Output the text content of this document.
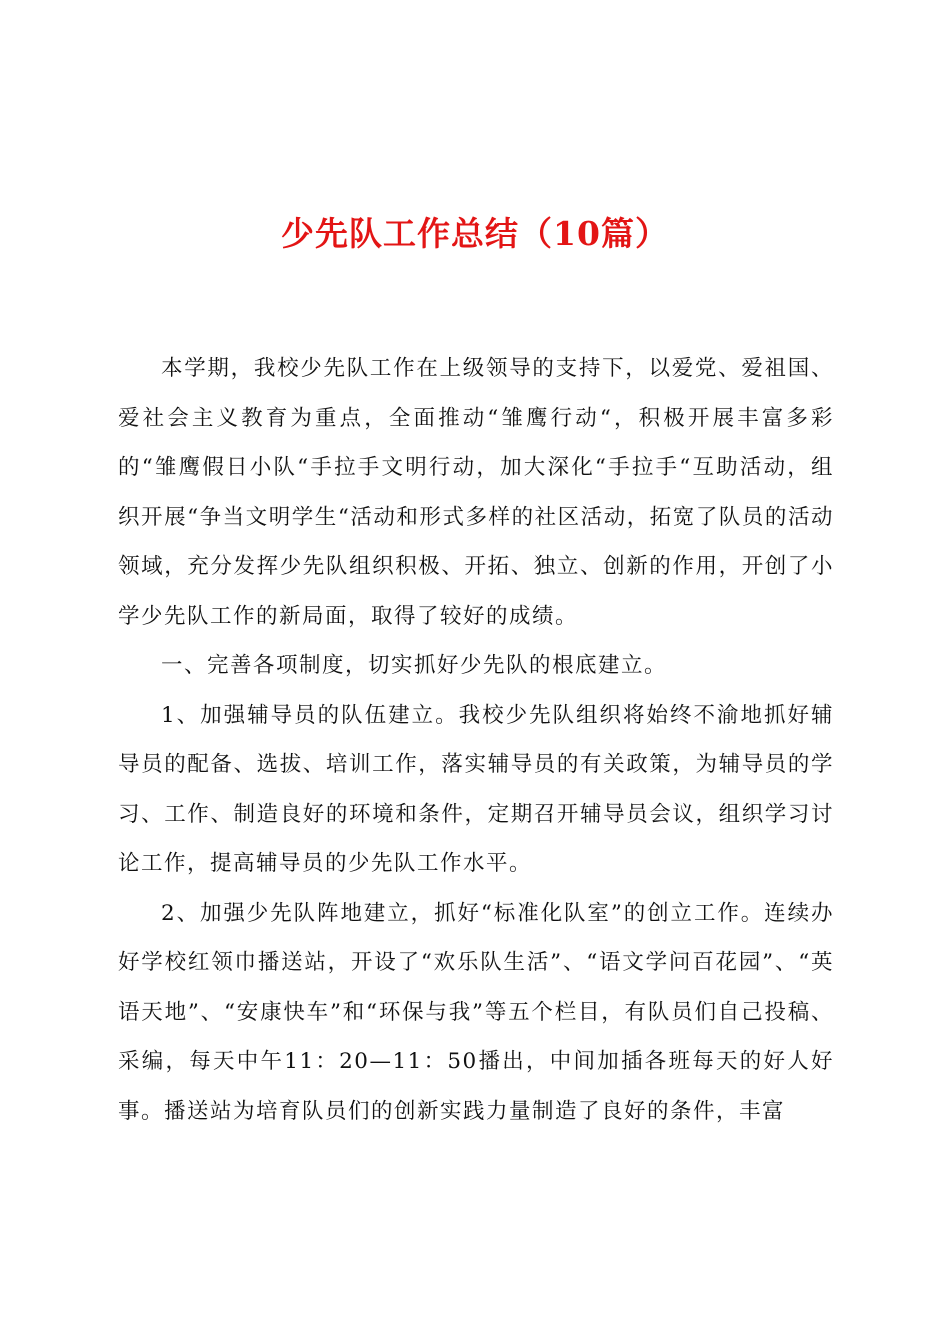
少先队工作总结（10篇）

本学期，我校少先队工作在上级领导的支持下，以爱党、爱祖国、爱社会主义教育为重点，全面推动“雏鹰行动“，积极开展丰富多彩的“雏鹰假日小队“手拉手文明行动，加大深化“手拉手“互助活动，组织开展“争当文明学生“活动和形式多样的社区活动，拓宽了队员的活动领域，充分发挥少先队组织积极、开拓、独立、创新的作用，开创了小学少先队工作的新局面，取得了较好的成绩。

一、完善各项制度，切实抓好少先队的根底建立。

1、加强辅导员的队伍建立。我校少先队组织将始终不渝地抓好辅导员的配备、选拔、培训工作，落实辅导员的有关政策，为辅导员的学习、工作、制造良好的环境和条件，定期召开辅导员会议，组织学习讨论工作，提高辅导员的少先队工作水平。

2、加强少先队阵地建立，抓好“标准化队室”的创立工作。连续办好学校红领巾播送站，开设了“欢乐队生活”、“语文学问百花园”、“英语天地”、“安康快车”和“环保与我”等五个栏目，有队员们自己投稿、采编，每天中午11：20—11：50播出，中间加插各班每天的好人好事。播送站为培育队员们的创新实践力量制造了良好的条件，丰富
